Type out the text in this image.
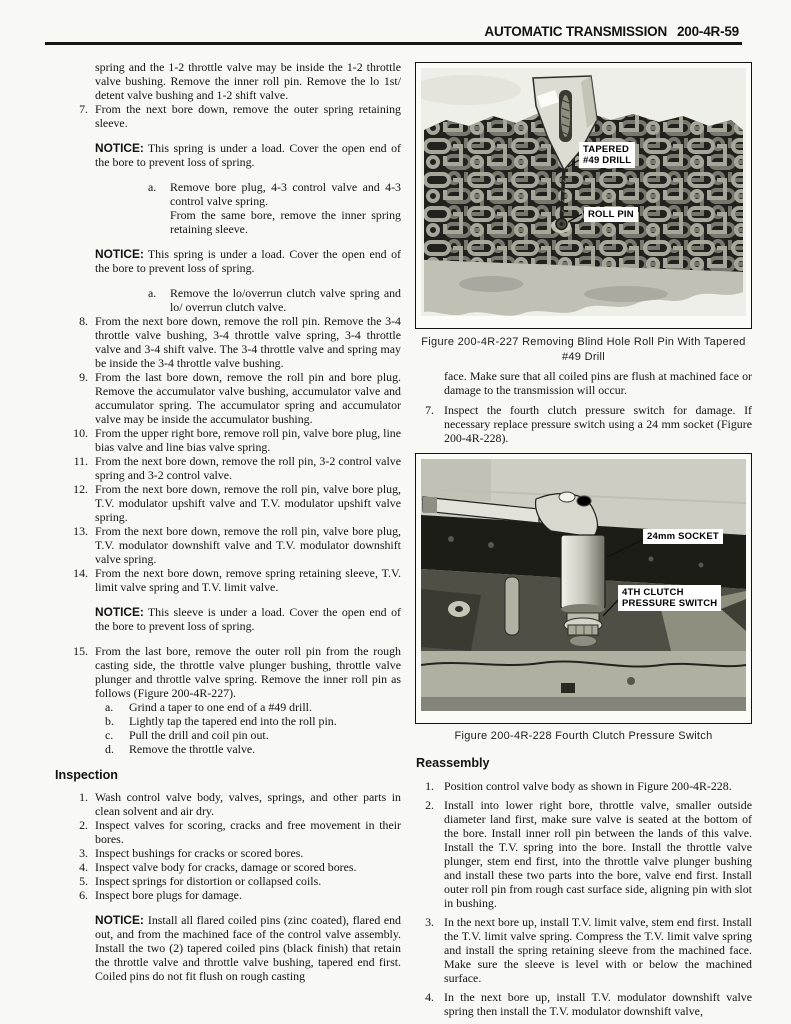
AUTOMATIC TRANSMISSION 200-4R-59
spring and the 1-2 throttle valve may be inside the 1-2 throttle valve bushing. Remove the inner roll pin. Remove the lo 1st/ detent valve bushing and 1-2 shift valve.
7. From the next bore down, remove the outer spring retaining sleeve.
NOTICE: This spring is under a load. Cover the open end of the bore to prevent loss of spring.
a.	Remove bore plug, 4-3 control valve and 4-3 control valve spring.
From the same bore, remove the inner spring retaining sleeve.
NOTICE: This spring is under a load. Cover the open end of the bore to prevent loss of spring.
a.	Remove the lo/overrun clutch valve spring and lo/ overrun clutch valve.
8. From the next bore down, remove the roll pin. Remove the 3-4 throttle valve bushing, 3-4 throttle valve spring, 3-4 throttle valve and 3-4 shift valve. The 3-4 throttle valve and spring may be inside the 3-4 throttle valve bushing.
9. From the last bore down, remove the roll pin and bore plug. Remove the accumulator valve bushing, accumulator valve and accumulator spring. The accumulator spring and accumulator valve may be inside the accumulator bushing.
10. From the upper right bore, remove roll pin, valve bore plug, line bias valve and line bias valve spring.
11. From the next bore down, remove the roll pin, 3-2 control valve spring and 3-2 control valve.
12. From the next bore down, remove the roll pin, valve bore plug, T.V. modulator upshift valve and T.V. modulator upshift valve spring.
13. From the next bore down, remove the roll pin, valve bore plug, T.V. modulator downshift valve and T.V. modulator downshift valve spring.
14. From the next bore down, remove spring retaining sleeve, T.V. limit valve spring and T.V. limit valve.
NOTICE: This sleeve is under a load. Cover the open end of the bore to prevent loss of spring.
15. From the last bore, remove the outer roll pin from the rough casting side, the throttle valve plunger bushing, throttle valve plunger and throttle valve spring. Remove the inner roll pin as follows (Figure 200-4R-227).
a.	Grind a taper to one end of a #49 drill.
b.	Lightly tap the tapered end into the roll pin.
c.	Pull the drill and coil pin out.
d.	Remove the throttle valve.
Inspection
1. Wash control valve body, valves, springs, and other parts in clean solvent and air dry.
2. Inspect valves for scoring, cracks and free movement in their bores.
3. Inspect bushings for cracks or scored bores.
4. Inspect valve body for cracks, damage or scored bores.
5. Inspect springs for distortion or collapsed coils.
6. Inspect bore plugs for damage.
NOTICE: Install all flared coiled pins (zinc coated), flared end out, and from the machined face of the control valve assembly. Install the two (2) tapered coiled pins (black finish) that retain the throttle valve and throttle valve bushing, tapered end first. Coiled pins do not fit flush on rough casting
TAPERED
#49 DRILL
ROLL PIN
Figure 200-4R-227 Removing Blind Hole Roll Pin With Tapered #49 Drill
face. Make sure that all coiled pins are flush at machined face or damage to the transmission will occur.
7. Inspect the fourth clutch pressure switch for damage. If necessary replace pressure switch using a 24 mm socket (Figure 200-4R-228).
24mm SOCKET
4TH CLUTCH
PRESSURE SWITCH
Figure 200-4R-228 Fourth Clutch Pressure Switch
Reassembly
1. Position control valve body as shown in Figure 200-4R-228.
2. Install into lower right bore, throttle valve, smaller outside diameter land first, make sure valve is seated at the bottom of the bore. Install inner roll pin between the lands of this valve. Install the T.V. spring into the bore. Install the throttle valve plunger, stem end first, into the throttle valve plunger bushing and install these two parts into the bore, valve end first. Install outer roll pin from rough cast surface side, aligning pin with slot in bushing.
3. In the next bore up, install T.V. limit valve, stem end first. Install the T.V. limit valve spring. Compress the T.V. limit valve spring and install the spring retaining sleeve from the machined face. Make sure the sleeve is level with or below the machined surface.
4. In the next bore up, install T.V. modulator downshift valve spring then install the T.V. modulator downshift valve,
